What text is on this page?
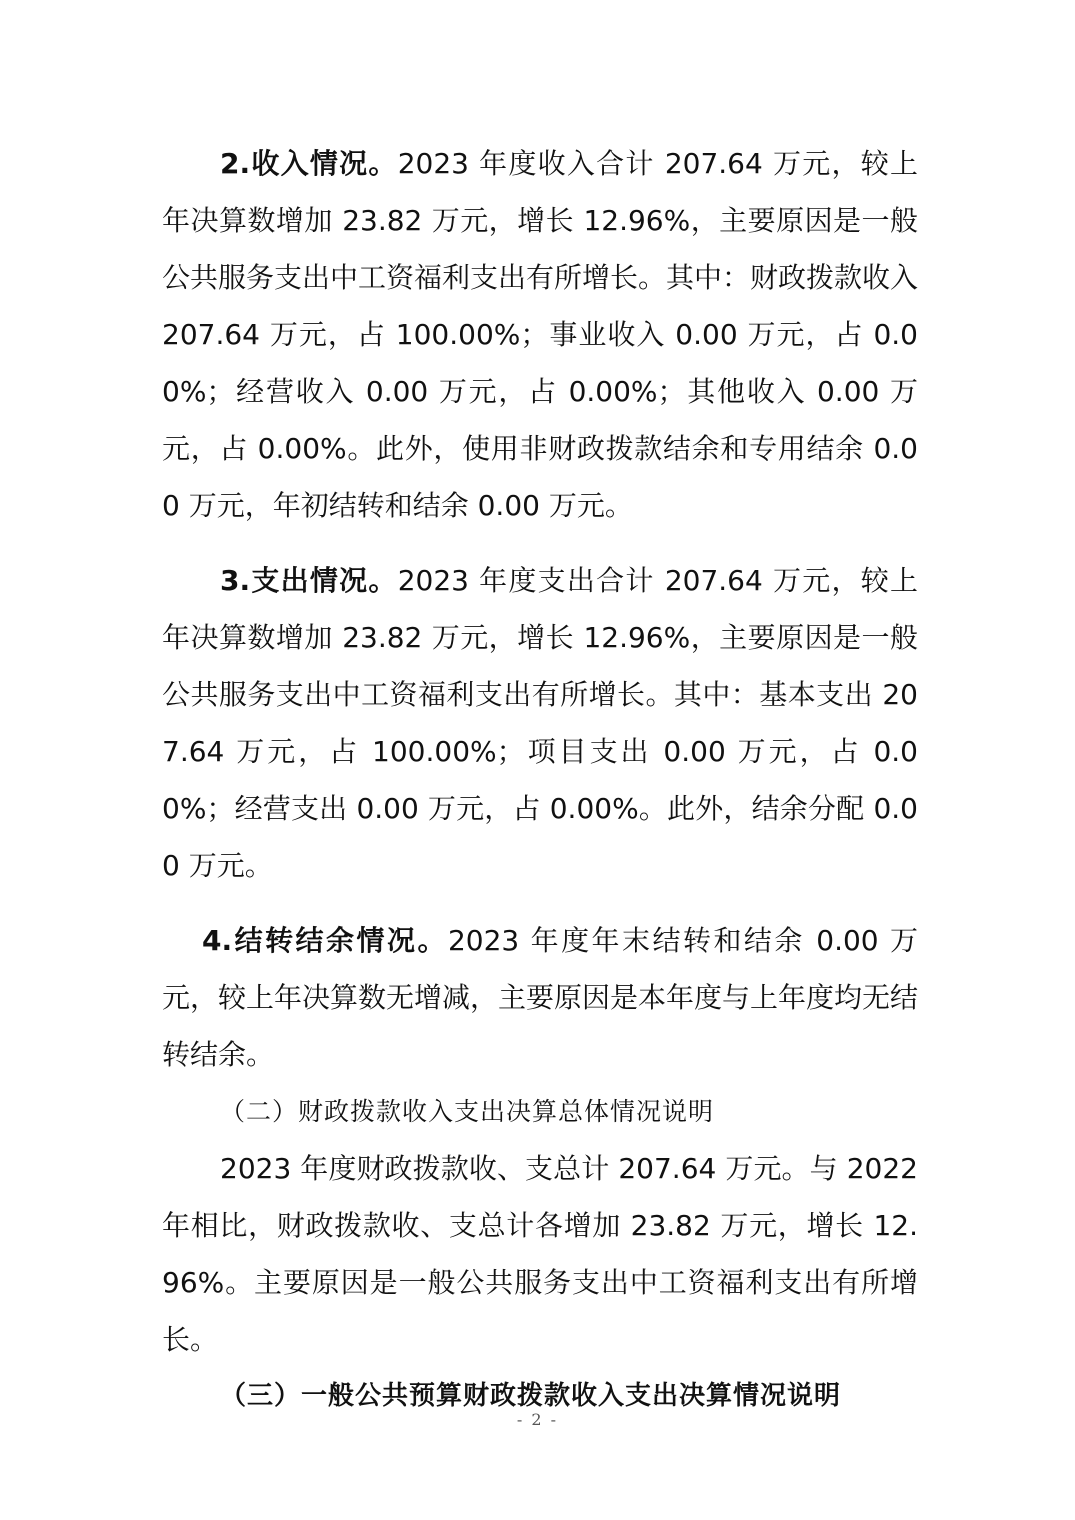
2.收入情况。2023 年度收入合计 207.64 万元，较上年决算数增加 23.82 万元，增长 12.96%，主要原因是一般公共服务支出中工资福利支出有所增长。其中：财政拨款收入 207.64 万元，占 100.00%；事业收入 0.00 万元，占 0.00%；经营收入 0.00 万元，占 0.00%；其他收入 0.00 万元，占 0.00%。此外，使用非财政拨款结余和专用结余 0.00 万元，年初结转和结余 0.00 万元。

3.支出情况。2023 年度支出合计 207.64 万元，较上年决算数增加 23.82 万元，增长 12.96%，主要原因是一般公共服务支出中工资福利支出有所增长。其中：基本支出 207.64 万元，占 100.00%；项目支出 0.00 万元，占 0.00%；经营支出 0.00 万元，占 0.00%。此外，结余分配 0.00 万元。

4.结转结余情况。2023 年度年末结转和结余 0.00 万元，较上年决算数无增减，主要原因是本年度与上年度均无结转结余。

（二）财政拨款收入支出决算总体情况说明

2023 年度财政拨款收、支总计 207.64 万元。与 2022 年相比，财政拨款收、支总计各增加 23.82 万元，增长 12.96%。主要原因是一般公共服务支出中工资福利支出有所增长。

（三）一般公共预算财政拨款收入支出决算情况说明

- 2 -
